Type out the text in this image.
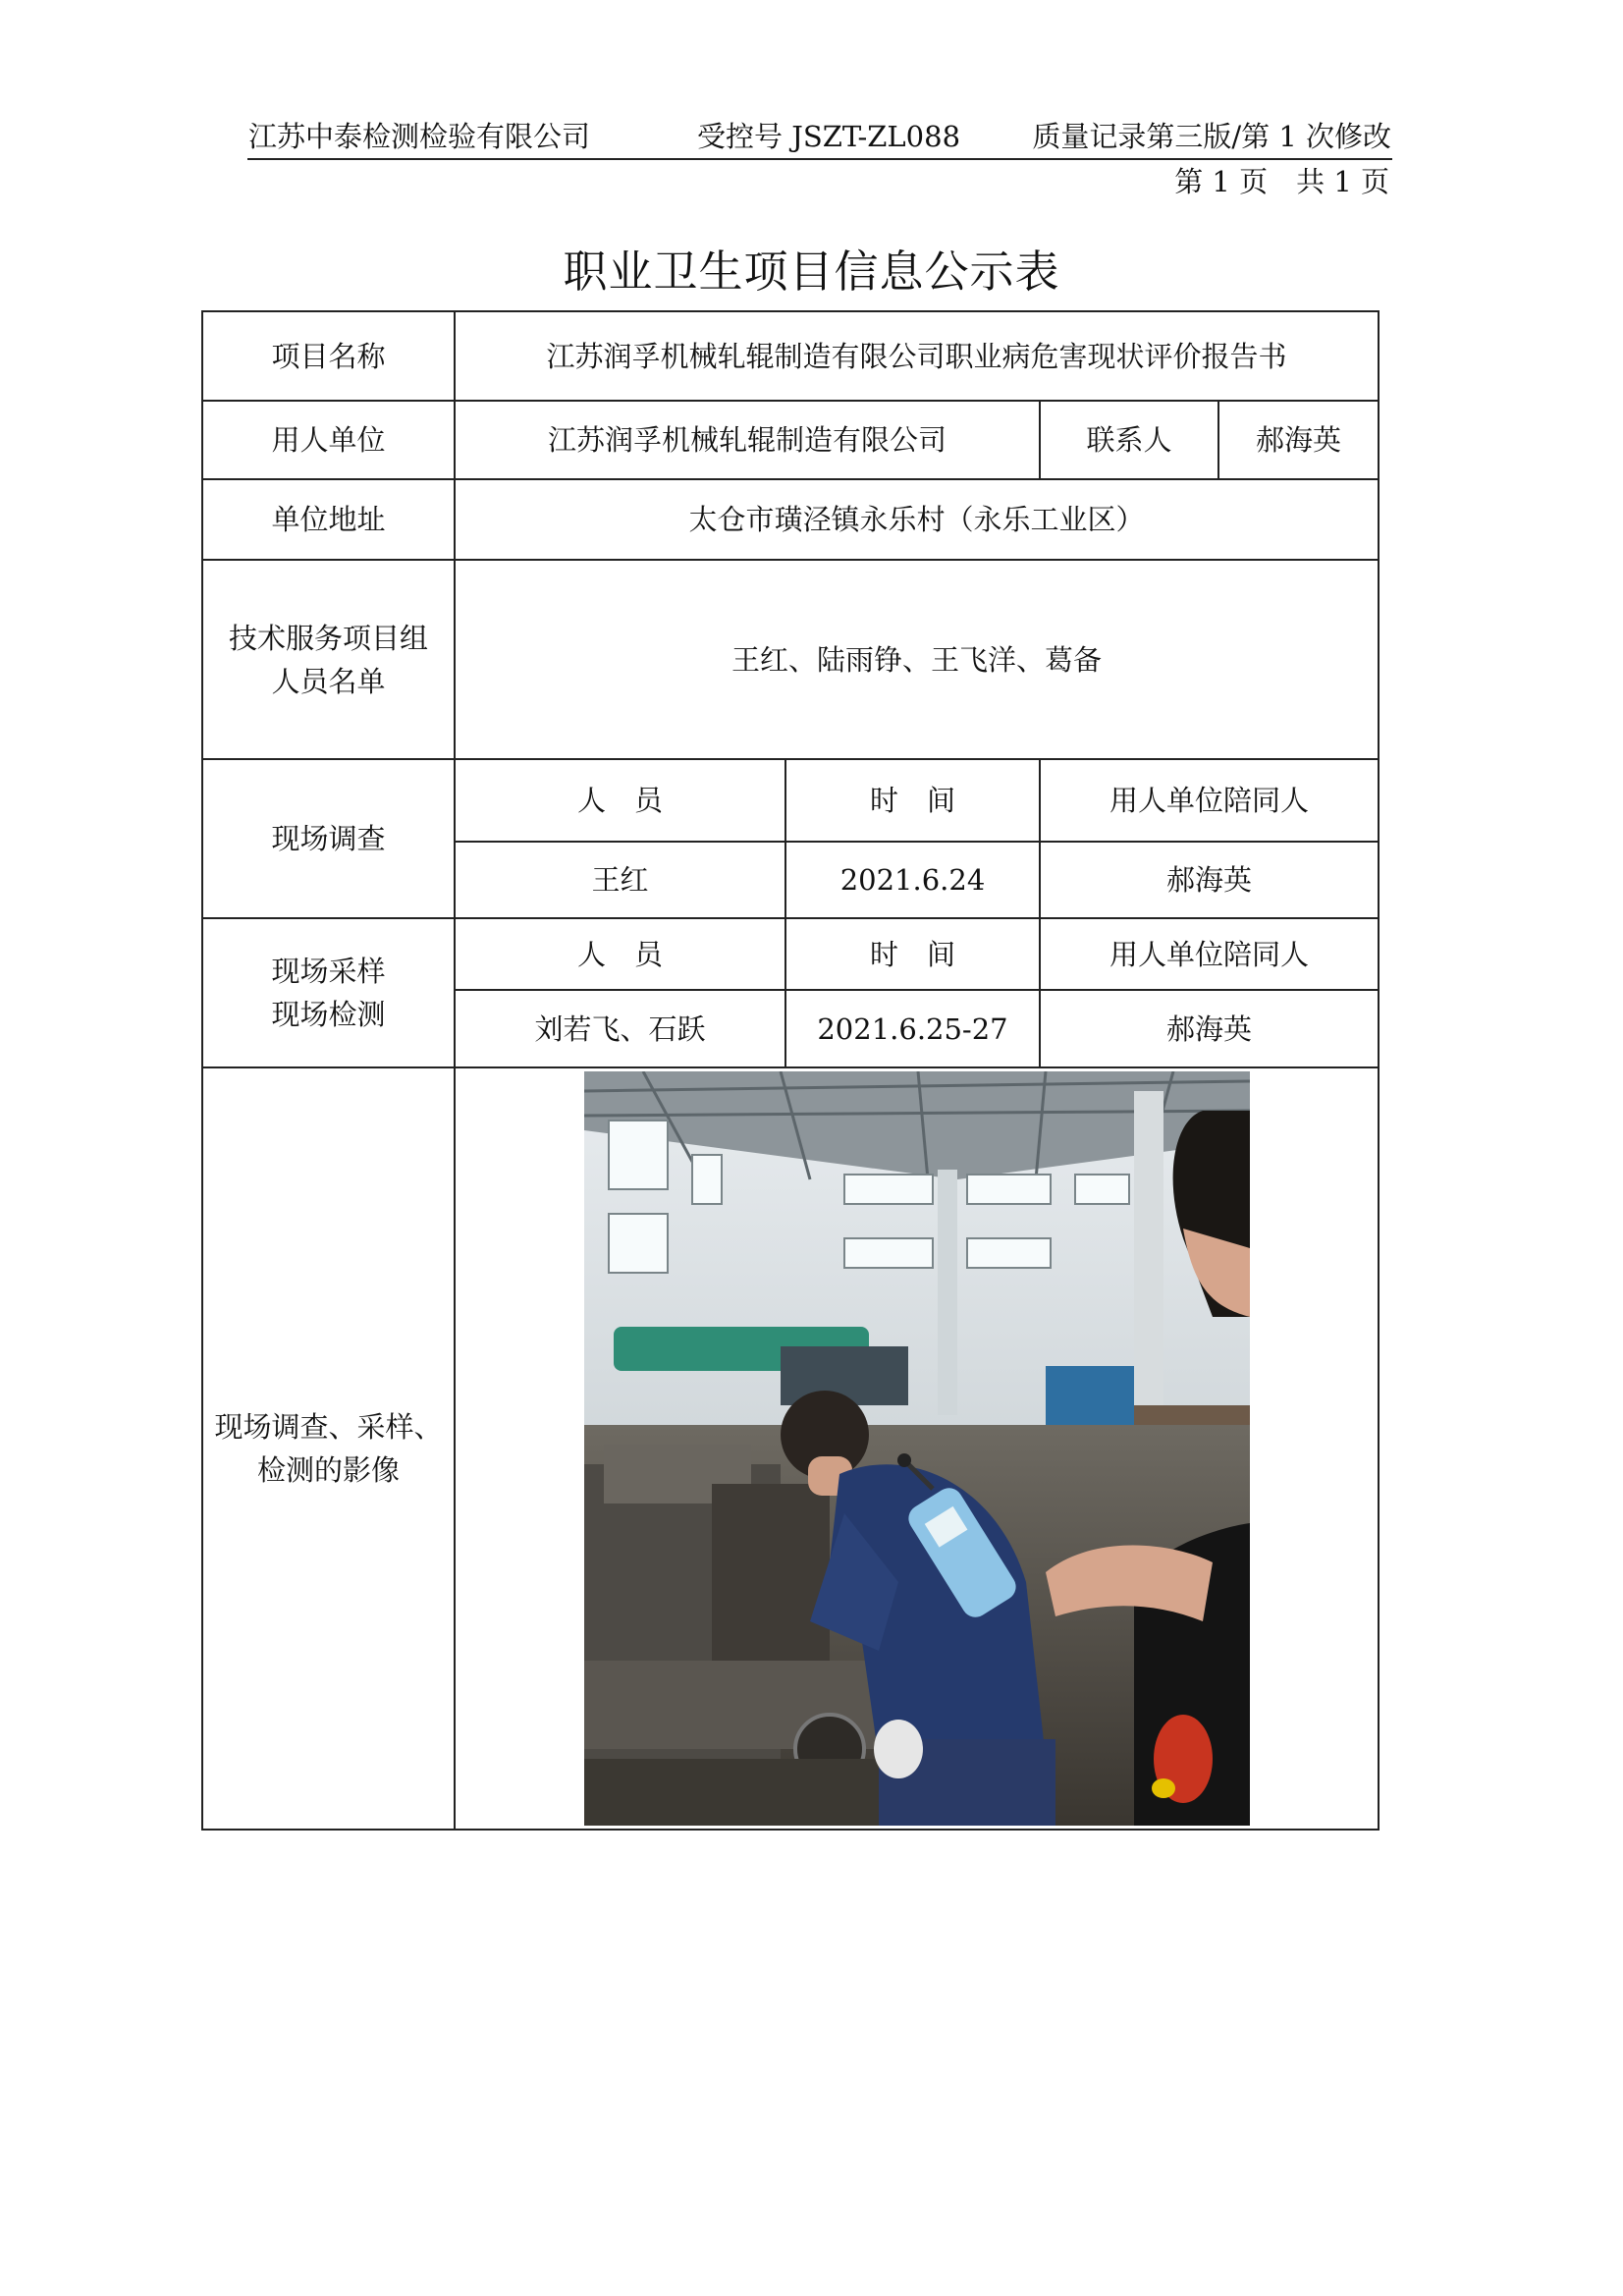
江苏中泰检测检验有限公司	受控号 JSZT-ZL088	质量记录第三版/第 1 次修改
第 1 页　共 1 页
职业卫生项目信息公示表
项目名称	江苏润孚机械轧辊制造有限公司职业病危害现状评价报告书			
用人单位	江苏润孚机械轧辊制造有限公司		联系人	郝海英
单位地址	太仓市璜泾镇永乐村（永乐工业区）			

技术服务项目组
人员名单	王红、陆雨铮、王飞洋、葛备			
现场调查	人　员	时　间	用人单位陪同人	
	王红	2021.6.24	郝海英	

现场采样
现场检测	人　员	时　间	用人单位陪同人	
	刘若飞、石跃	2021.6.25-27	郝海英	

现场调查、采样、
检测的影像
